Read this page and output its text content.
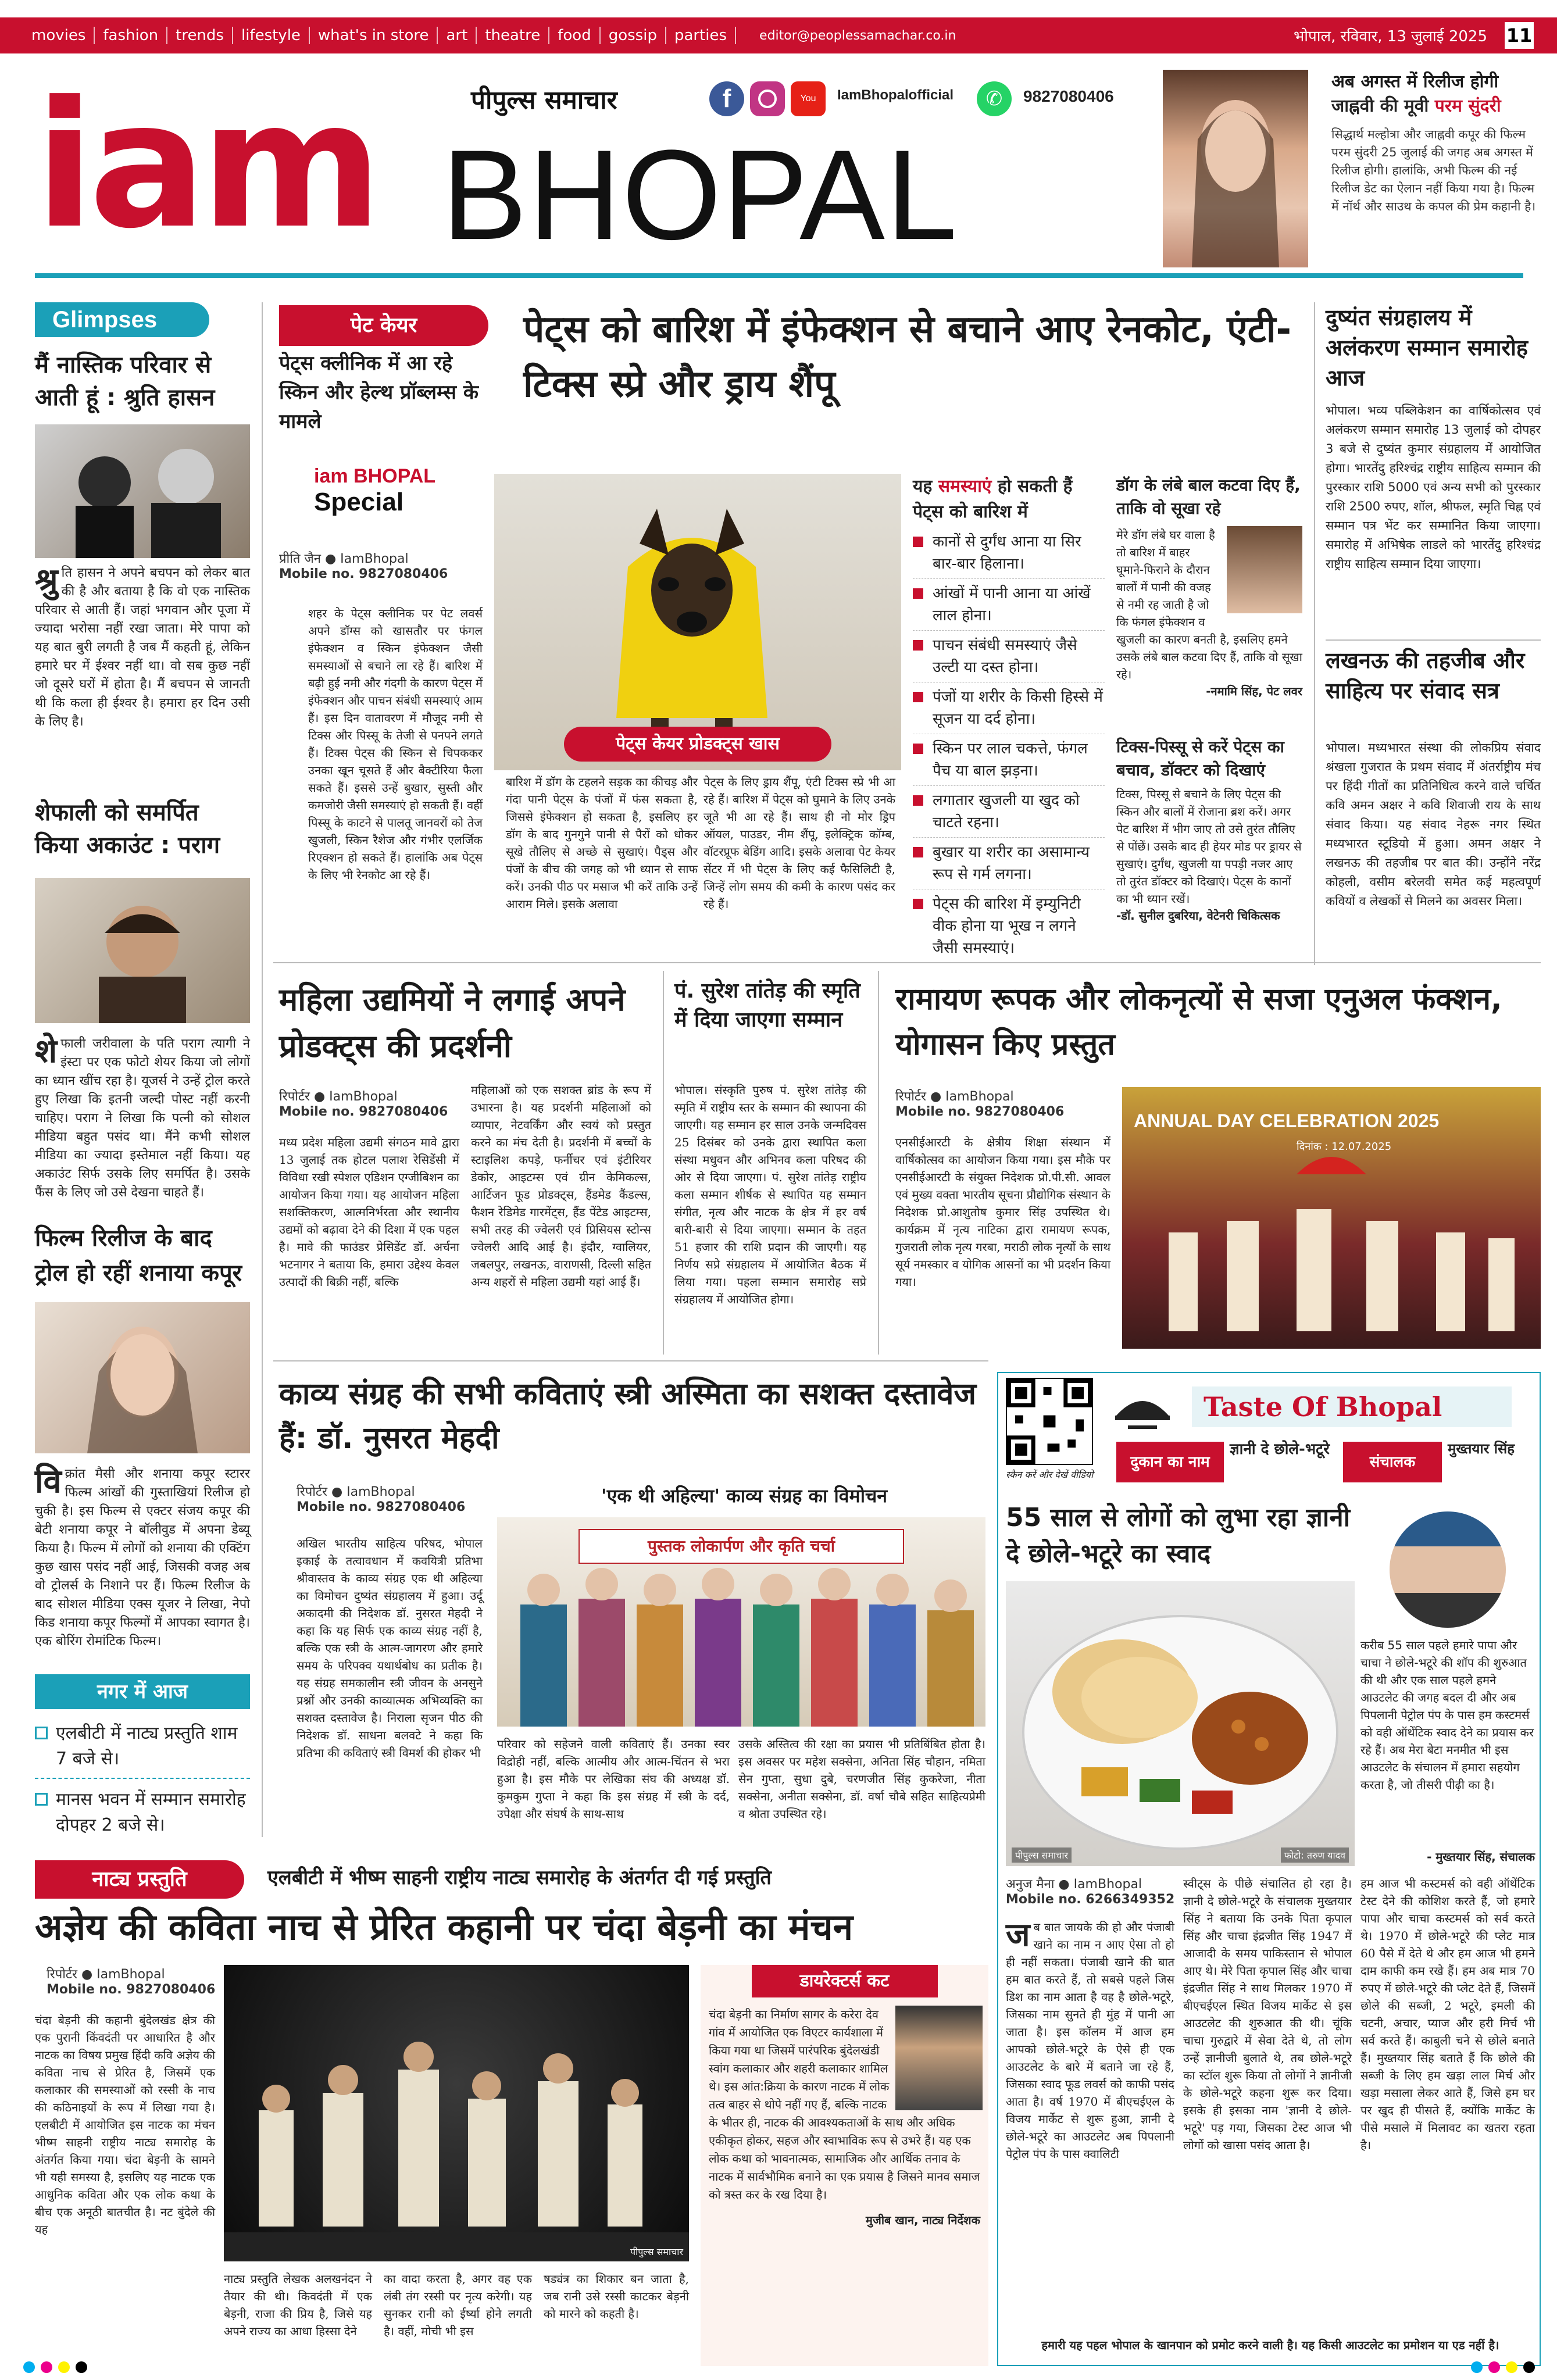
movies	fashion	trends	lifestyle	what's in store	art	theatre	food	gossip	parties	editor@peoplessamachar.co.in	भोपाल, रविवार, 13 जुलाई 2025 11
iam BHOPAL
पीपुल्स समाचार	f	You	IamBhopalofficial	✆	9827080406
अब अगस्त में रिलीज होगी
जाह्नवी की मूवी परम सुंदरी
सिद्धार्थ मल्होत्रा और जाह्नवी कपूर की फिल्म परम सुंदरी 25 जुलाई की जगह अब अगस्त में रिलीज होगी। हालांकि, अभी फिल्म की नई रिलीज डेट का ऐलान नहीं किया गया है। फिल्म में नॉर्थ और साउथ के कपल की प्रेम कहानी है।
Glimpses
मैं नास्तिक परिवार से आती हूं : श्रुति हासन
श्रु ति हासन ने अपने बचपन को लेकर बात की है और बताया है कि वो एक नास्तिक परिवार से आती हैं। जहां भगवान और पूजा में ज्यादा भरोसा नहीं रखा जाता। मेरे पापा को यह बात बुरी लगती है जब मैं कहती हूं, लेकिन हमारे घर में ईश्वर नहीं था। वो सब कुछ नहीं जो दूसरे घरों में होता है। मैं बचपन से जानती थी कि कला ही ईश्वर है। हमारा हर दिन उसी के लिए है।
शेफाली को समर्पित किया अकाउंट : पराग
शेफाली जरीवाला के पति पराग त्यागी ने इंस्टा पर एक फोटो शेयर किया जो लोगों का ध्यान खींच रहा है। यूजर्स ने उन्हें ट्रोल करते हुए लिखा कि इतनी जल्दी पोस्ट नहीं करनी चाहिए। पराग ने लिखा कि पत्नी को सोशल मीडिया बहुत पसंद था। मैंने कभी सोशल मीडिया का ज्यादा इस्तेमाल नहीं किया। यह अकाउंट सिर्फ उसके लिए समर्पित है। उसके फैंस के लिए जो उसे देखना चाहते हैं।
फिल्म रिलीज के बाद ट्रोल हो रहीं शनाया कपूर
विक्रांत मैसी और शनाया कपूर स्टारर फिल्म आंखों की गुस्ताखियां रिलीज हो चुकी है। इस फिल्म से एक्टर संजय कपूर की बेटी शनाया कपूर ने बॉलीवुड में अपना डेब्यू किया है। फिल्म में लोगों को शनाया की एक्टिंग कुछ खास पसंद नहीं आई, जिसकी वजह अब वो ट्रोलर्स के निशाने पर हैं। फिल्म रिलीज के बाद सोशल मीडिया एक्स यूजर ने लिखा, नेपो किड शनाया कपूर फिल्मों में आपका स्वागत है। एक बोरिंग रोमांटिक फिल्म।
नगर में आज
एलबीटी में नाट्य प्रस्तुति शाम 7 बजे से।
मानस भवन में सम्मान समारोह दोपहर 2 बजे से।
पेट केयर
पेट्स क्लीनिक में आ रहे स्किन और हेल्थ प्रॉब्लम्स के मामले
iam BHOPAL
Special
पेट्स को बारिश में इंफेक्शन से बचाने आए रेनकोट, एंटी-टिक्स स्प्रे और ड्राय शैंपू
प्रीति जैन ● IamBhopal
Mobile no. 9827080406
शहर के पेट्स क्लीनिक पर पेट लवर्स अपने डॉग्स को खासतौर पर फंगल इंफेक्शन व स्किन इंफेक्शन जैसी समस्याओं से बचाने ला रहे हैं। बारिश में बढ़ी हुई नमी और गंदगी के कारण पेट्स में इंफेक्शन और पाचन संबंधी समस्याएं आम हैं। इस दिन वातावरण में मौजूद नमी से टिक्स और पिस्सू के तेजी से पनपने लगते हैं। टिक्स पेट्स की स्किन से चिपककर उनका खून चूसते हैं और बैक्टीरिया फैला सकते हैं। इससे उन्हें बुखार, सुस्ती और कमजोरी जैसी समस्याएं हो सकती हैं। वहीं पिस्सू के काटने से पालतू जानवरों को तेज खुजली, स्किन रैशेज और गंभीर एलर्जिक रिएक्शन हो सकते हैं। हालांकि अब पेट्स के लिए भी रेनकोट आ रहे हैं।
पेट्स केयर प्रोडक्ट्स खास
बारिश में डॉग के टहलने सड़क का कीचड़ और गंदा पानी पेट्स के पंजों में फंस सकता है, जिससे इंफेक्शन हो सकता है, इसलिए हर डॉग के बाद गुनगुने पानी से पैरों को धोकर सूखे तौलिए से अच्छे से सुखाएं। पैड्स और पंजों के बीच की जगह को भी ध्यान से साफ करें। उनकी पीठ पर मसाज भी करें ताकि उन्हें आराम मिले। इसके अलावा
पेट्स के लिए ड्राय शैंपू, एंटी टिक्स स्प्रे भी आ रहे हैं। बारिश में पेट्स को घुमाने के लिए उनके जूते भी आ रहे हैं। साथ ही नो मोर ड्रिप ऑयल, पाउडर, नीम शैंपू, इलेक्ट्रिक कॉम्ब, वॉटरप्रूफ बेडिंग आदि। इसके अलावा पेट केयर सेंटर में भी पेट्स के लिए कई फैसिलिटी है, जिन्हें लोग समय की कमी के कारण पसंद कर रहे हैं।
यह समस्याएं हो सकती हैं पेट्स को बारिश में
कानों से दुर्गंध आना या सिर बार-बार हिलाना।
आंखों में पानी आना या आंखें लाल होना।
पाचन संबंधी समस्याएं जैसे उल्टी या दस्त होना।
पंजों या शरीर के किसी हिस्से में सूजन या दर्द होना।
स्किन पर लाल चकत्ते, फंगल पैच या बाल झड़ना।
लगातार खुजली या खुद को चाटते रहना।
बुखार या शरीर का असामान्य रूप से गर्म लगना।
पेट्स की बारिश में इम्युनिटी वीक होना या भूख न लगने जैसी समस्याएं।
डॉग के लंबे बाल कटवा दिए हैं, ताकि वो सूखा रहे
मेरे डॉग लंबे घर वाला है तो बारिश में बाहर घूमाने-फिराने के दौरान बालों में पानी की वजह से नमी रह जाती है जो कि फंगल इंफेक्शन व खुजली का कारण बनती है, इसलिए हमने उसके लंबे बाल कटवा दिए हैं, ताकि वो सूखा रहे।
-नमामि सिंह, पेट लवर
टिक्स-पिस्सू से करें पेट्स का बचाव, डॉक्टर को दिखाएं
टिक्स, पिस्सू से बचाने के लिए पेट्स की स्किन और बालों में रोजाना ब्रश करें। अगर पेट बारिश में भीग जाए तो उसे तुरंत तौलिए से पोंछें। उसके बाद ही हेयर मोड पर ड्रायर से सुखाएं। दुर्गंध, खुजली या पपड़ी नजर आए तो तुरंत डॉक्टर को दिखाएं। पेट्स के कानों का भी ध्यान रखें।
-डॉ. सुनील दुबरिया, वेटेनरी चिकित्सक
दुष्यंत संग्रहालय में अलंकरण सम्मान समारोह आज
भोपाल। भव्य पब्लिकेशन का वार्षिकोत्सव एवं अलंकरण सम्मान समारोह 13 जुलाई को दोपहर 3 बजे से दुष्यंत कुमार संग्रहालय में आयोजित होगा। भारतेंदु हरिश्चंद्र राष्ट्रीय साहित्य सम्मान की पुरस्कार राशि 5000 एवं अन्य सभी को पुरस्कार राशि 2500 रुपए, शॉल, श्रीफल, स्मृति चिह्न एवं सम्मान पत्र भेंट कर सम्मानित किया जाएगा। समारोह में अभिषेक लाडले को भारतेंदु हरिश्चंद्र राष्ट्रीय साहित्य सम्मान दिया जाएगा।
लखनऊ की तहजीब और साहित्य पर संवाद सत्र
भोपाल। मध्यभारत संस्था की लोकप्रिय संवाद श्रंखला गुजरात के प्रथम संवाद में अंतर्राष्ट्रीय मंच पर हिंदी गीतों का प्रतिनिधित्व करने वाले चर्चित कवि अमन अक्षर ने कवि शिवाजी राय के साथ संवाद किया। यह संवाद नेहरू नगर स्थित मध्यभारत स्टूडियो में हुआ। अमन अक्षर ने लखनऊ की तहजीब पर बात की। उन्होंने नरेंद्र कोहली, वसीम बरेलवी समेत कई महत्वपूर्ण कवियों व लेखकों से मिलने का अवसर मिला।
महिला उद्यमियों ने लगाई अपने प्रोडक्ट्स की प्रदर्शनी
रिपोर्टर ● IamBhopal
Mobile no. 9827080406
मध्य प्रदेश महिला उद्यमी संगठन मावे द्वारा 13 जुलाई तक होटल पलाश रेसिडेंसी में विविधा रखी स्पेशल एडिशन एग्जीबिशन का आयोजन किया गया। यह आयोजन महिला सशक्तिकरण, आत्मनिर्भरता और स्थानीय उद्यमों को बढ़ावा देने की दिशा में एक पहल है। मावे की फाउंडर प्रेसिडेंट डॉ. अर्चना भटनागर ने बताया कि, हमारा उद्देश्य केवल उत्पादों की बिक्री नहीं, बल्कि
महिलाओं को एक सशक्त ब्रांड के रूप में उभारना है। यह प्रदर्शनी महिलाओं को व्यापार, नेटवर्किंग और स्वयं को प्रस्तुत करने का मंच देती है। प्रदर्शनी में बच्चों के स्टाइलिश कपड़े, फर्नीचर एवं इंटीरियर डेकोर, आइटम्स एवं ग्रीन केमिकल्स, आर्टिजन फूड प्रोडक्ट्स, हैंडमेड कैंडल्स, फैशन रेडिमेड गारमेंट्स, हैंड पेंटेड आइटम्स, सभी तरह की ज्वेलरी एवं प्रिसियस स्टोन्स ज्वेलरी आदि आई है। इंदौर, ग्वालियर, जबलपुर, लखनऊ, वाराणसी, दिल्ली सहित अन्य शहरों से महिला उद्यमी यहां आई हैं।
पं. सुरेश तांतेड़ की स्मृति में दिया जाएगा सम्मान
भोपाल। संस्कृति पुरुष पं. सुरेश तांतेड़ की स्मृति में राष्ट्रीय स्तर के सम्मान की स्थापना की जाएगी। यह सम्मान हर साल उनके जन्मदिवस 25 दिसंबर को उनके द्वारा स्थापित कला संस्था मधुवन और अभिनव कला परिषद की ओर से दिया जाएगा। पं. सुरेश तांतेड़ राष्ट्रीय कला सम्मान शीर्षक से स्थापित यह सम्मान संगीत, नृत्य और नाटक के क्षेत्र में हर वर्ष बारी-बारी से दिया जाएगा। सम्मान के तहत 51 हजार की राशि प्रदान की जाएगी। यह निर्णय सप्रे संग्रहालय में आयोजित बैठक में लिया गया। पहला सम्मान समारोह सप्रे संग्रहालय में आयोजित होगा।
रामायण रूपक और लोकनृत्यों से सजा एनुअल फंक्शन, योगासन किए प्रस्तुत
रिपोर्टर ● IamBhopal
Mobile no. 9827080406
एनसीईआरटी के क्षेत्रीय शिक्षा संस्थान में वार्षिकोत्सव का आयोजन किया गया। इस मौके पर एनसीईआरटी के संयुक्त निदेशक प्रो.पी.सी. आवल एवं मुख्य वक्ता भारतीय सूचना प्रौद्योगिक संस्थान के निदेशक प्रो.आशुतोष कुमार सिंह उपस्थित थे। कार्यक्रम में नृत्य नाटिका द्वारा रामायण रूपक, गुजराती लोक नृत्य गरबा, मराठी लोक नृत्यों के साथ सूर्य नमस्कार व योगिक आसनों का भी प्रदर्शन किया गया।
ANNUAL DAY CELEBRATION 2025
दिनांक : 12.07.2025
काव्य संग्रह की सभी कविताएं स्त्री अस्मिता का सशक्त दस्तावेज हैं: डॉ. नुसरत मेहदी
रिपोर्टर ● IamBhopal
Mobile no. 9827080406
अखिल भारतीय साहित्य परिषद, भोपाल इकाई के तत्वावधान में कवयित्री प्रतिभा श्रीवास्तव के काव्य संग्रह एक थी अहिल्या का विमोचन दुष्यंत संग्रहालय में हुआ। उर्दू अकादमी की निदेशक डॉ. नुसरत मेहदी ने कहा कि यह सिर्फ एक काव्य संग्रह नहीं है, बल्कि एक स्त्री के आत्म-जागरण और हमारे समय के परिपक्व यथार्थबोध का प्रतीक है। यह संग्रह समकालीन स्त्री जीवन के अनसुने प्रश्नों और उनकी काव्यात्मक अभिव्यक्ति का सशक्त दस्तावेज है। निराला सृजन पीठ की निदेशक डॉ. साधना बलवटे ने कहा कि प्रतिभा की कविताएं स्त्री विमर्श की होकर भी
'एक थी अहिल्या' काव्य संग्रह का विमोचन
पुस्तक लोकार्पण और कृति चर्चा
परिवार को सहेजने वाली कविताएं हैं। उनका स्वर विद्रोही नहीं, बल्कि आत्मीय और आत्म-चिंतन से भरा हुआ है। इस मौके पर लेखिका संघ की अध्यक्ष डॉ. कुमकुम गुप्ता ने कहा कि इस संग्रह में स्त्री के दर्द, उपेक्षा और संघर्ष के साथ-साथ
उसके अस्तित्व की रक्षा का प्रयास भी प्रतिबिंबित होता है। इस अवसर पर महेश सक्सेना, अनिता सिंह चौहान, नमिता सेन गुप्ता, सुधा दुबे, चरणजीत सिंह कुकरेजा, नीता सक्सेना, अनीता सक्सेना, डॉ. वर्षा चौबे सहित साहित्यप्रेमी व श्रोता उपस्थित रहे।
स्कैन करें और देखें वीडियो
Taste Of Bhopal
दुकान का नाम
ज्ञानी दे छोले-भटूरे
संचालक
मुख्तयार सिंह
55 साल से लोगों को लुभा रहा ज्ञानी दे छोले-भटूरे का स्वाद
पीपुल्स समाचार	फोटो: तरुण यादव
करीब 55 साल पहले हमारे पापा और चाचा ने छोले-भटूरे की शॉप की शुरुआत की थी और एक साल पहले हमने आउटलेट की जगह बदल दी और अब पिपलानी पेट्रोल पंप के पास हम कस्टमर्स को वही ऑथेंटिक स्वाद देने का प्रयास कर रहे हैं। अब मेरा बेटा मनमीत भी इस आउटलेट के संचालन में हमारा सहयोग करता है, जो तीसरी पीढ़ी का है।
- मुख्तयार सिंह, संचालक
अनुज मैना ● IamBhopal
Mobile no. 6266349352
जब बात जायके की हो और पंजाबी खाने का नाम न आए ऐसा तो हो ही नहीं सकता। पंजाबी खाने की बात हम बात करते हैं, तो सबसे पहले जिस डिश का नाम आता है वह है छोले-भटूरे, जिसका नाम सुनते ही मुंह में पानी आ जाता है। इस कॉलम में आज हम आपको छोले-भटूरे के ऐसे ही एक आउटलेट के बारे में बताने जा रहे हैं, जिसका स्वाद फूड लवर्स को काफी पसंद आता है। वर्ष 1970 में बीएचईएल के विजय मार्केट से शुरू हुआ, ज्ञानी दे छोले-भटूरे का आउटलेट अब पिपलानी पेट्रोल पंप के पास क्वालिटी
स्वीट्स के पीछे संचालित हो रहा है। ज्ञानी दे छोले-भटूरे के संचालक मुख्तयार सिंह ने बताया कि उनके पिता कृपाल सिंह और चाचा इंद्रजीत सिंह 1947 में आजादी के समय पाकिस्तान से भोपाल आए थे। मेरे पिता कृपाल सिंह और चाचा इंद्रजीत सिंह ने साथ मिलकर 1970 में बीएचईएल स्थित विजय मार्केट से इस आउटलेट की शुरुआत की थी। चूंकि चाचा गुरुद्वारे में सेवा देते थे, तो लोग उन्हें ज्ञानीजी बुलाते थे, तब छोले-भटूरे का स्टॉल शुरू किया तो लोगों ने ज्ञानीजी के छोले-भटूरे कहना शुरू कर दिया। इसके ही इसका नाम 'ज्ञानी दे छोले-भटूरे' पड़ गया, जिसका टेस्ट आज भी लोगों को खासा पसंद आता है।
हम आज भी कस्टमर्स को वही ऑथेंटिक टेस्ट देने की कोशिश करते हैं, जो हमारे पापा और चाचा कस्टमर्स को सर्व करते थे। 1970 में छोले-भटूरे की प्लेट मात्र 60 पैसे में देते थे और हम आज भी हमने दाम काफी कम रखे हैं। हम अब मात्र 70 रुपए में छोले-भटूरे की प्लेट देते हैं, जिसमें छोले की सब्जी, 2 भटूरे, इमली की चटनी, अचार, प्याज और हरी मिर्च भी सर्व करते हैं। काबुली चने से छोले बनाते हैं। मुख्तयार सिंह बताते हैं कि छोले की सब्जी के लिए हम खड़ा लाल मिर्च और खड़ा मसाला लेकर आते हैं, जिसे हम घर पर खुद ही पीसते हैं, क्योंकि मार्केट के पीसे मसाले में मिलावट का खतरा रहता है।
हमारी यह पहल भोपाल के खानपान को प्रमोट करने वाली है। यह किसी आउटलेट का प्रमोशन या एड नहीं है।
नाट्य प्रस्तुति	एलबीटी में भीष्म साहनी राष्ट्रीय नाट्य समारोह के अंतर्गत दी गई प्रस्तुति
अज्ञेय की कविता नाच से प्रेरित कहानी पर चंदा बेड़नी का मंचन
रिपोर्टर ● IamBhopal
Mobile no. 9827080406
चंदा बेड़नी की कहानी बुंदेलखंड क्षेत्र की एक पुरानी किंवदंती पर आधारित है और नाटक का विषय प्रमुख हिंदी कवि अज्ञेय की कविता नाच से प्रेरित है, जिसमें एक कलाकार की समस्याओं को रस्सी के नाच की कठिनाइयों के रूप में लिखा गया है। एलबीटी में आयोजित इस नाटक का मंचन भीष्म साहनी राष्ट्रीय नाट्य समारोह के अंतर्गत किया गया। चंदा बेड़नी के सामने भी यही समस्या है, इसलिए यह नाटक एक आधुनिक कविता और एक लोक कथा के बीच एक अनूठी बातचीत है। नट बुंदेले की यह
पीपुल्स समाचार
नाट्य प्रस्तुति लेखक अलखनंदन ने तैयार की थी। किवदंती में एक बेड़नी, राजा की प्रिय है, जिसे यह अपने राज्य का आधा हिस्सा देने
का वादा करता है, अगर वह एक लंबी तंग रस्सी पर नृत्य करेगी। यह सुनकर रानी को ईर्ष्या होने लगती है। वहीं, मोची भी इस
षड्यंत्र का शिकार बन जाता है, जब रानी उसे रस्सी काटकर बेड़नी को मारने को कहती है।
डायरेक्टर्स कट
चंदा बेड़नी का निर्माण सागर के करेरा देव गांव में आयोजित एक विएटर कार्यशाला में किया गया था जिसमें पारंपरिक बुंदेलखंडी स्वांग कलाकार और शहरी कलाकार शामिल थे। इस आंत:क्रिया के कारण नाटक में लोक तत्व बाहर से थोपे नहीं गए हैं, बल्कि नाटक के भीतर ही, नाटक की आवश्यकताओं के साथ और अधिक एकीकृत होकर, सहज और स्वाभाविक रूप से उभरे हैं। यह एक लोक कथा को भावनात्मक, सामाजिक और आर्थिक तनाव के नाटक में सार्वभौमिक बनाने का एक प्रयास है जिसने मानव समाज को त्रस्त कर के रख दिया है।
मुजीब खान, नाट्य निर्देशक
